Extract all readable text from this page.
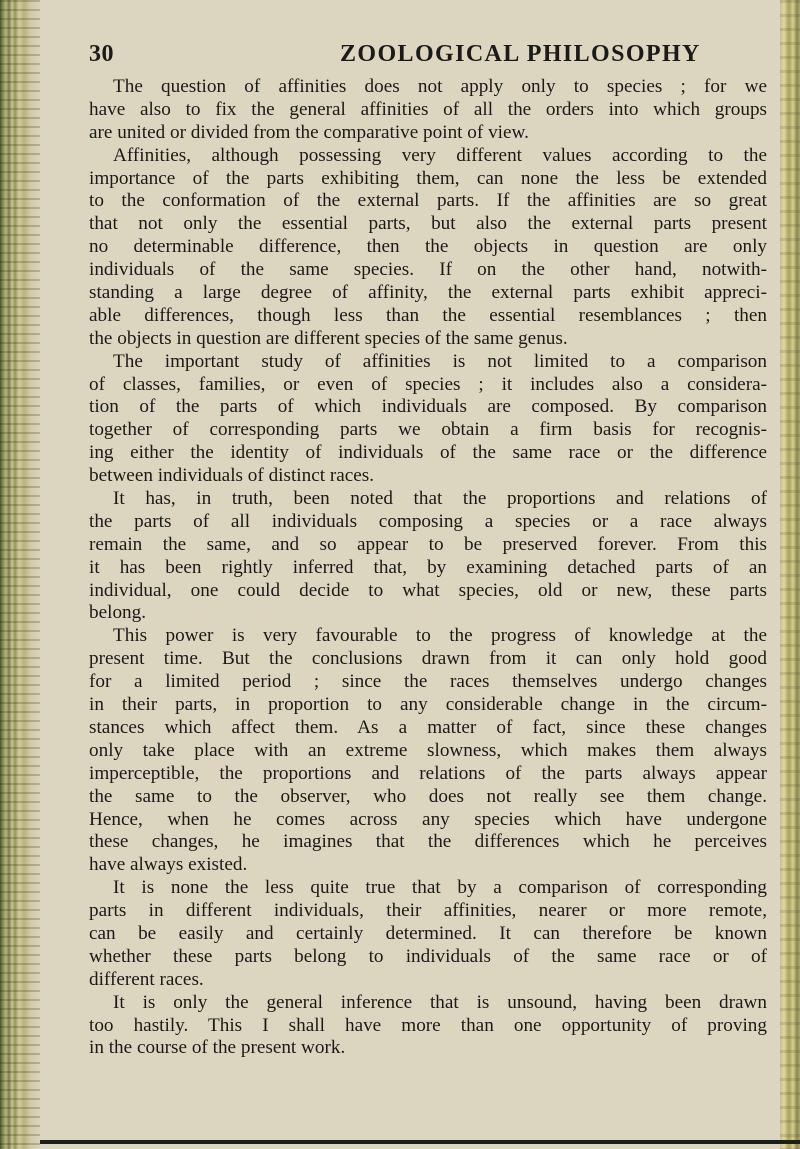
30	ZOOLOGICAL PHILOSOPHY
The question of affinities does not apply only to species ; for we
have also to fix the general affinities of all the orders into which groups
are united or divided from the comparative point of view.
Affinities, although possessing very different values according to the
importance of the parts exhibiting them, can none the less be extended
to the conformation of the external parts. If the affinities are so great
that not only the essential parts, but also the external parts present
no determinable difference, then the objects in question are only
individuals of the same species. If on the other hand, notwith-
standing a large degree of affinity, the external parts exhibit appreci-
able differences, though less than the essential resemblances ; then
the objects in question are different species of the same genus.
The important study of affinities is not limited to a comparison
of classes, families, or even of species ; it includes also a considera-
tion of the parts of which individuals are composed. By comparison
together of corresponding parts we obtain a firm basis for recognis-
ing either the identity of individuals of the same race or the difference
between individuals of distinct races.
It has, in truth, been noted that the proportions and relations of
the parts of all individuals composing a species or a race always
remain the same, and so appear to be preserved forever. From this
it has been rightly inferred that, by examining detached parts of an
individual, one could decide to what species, old or new, these parts
belong.
This power is very favourable to the progress of knowledge at the
present time. But the conclusions drawn from it can only hold good
for a limited period ; since the races themselves undergo changes
in their parts, in proportion to any considerable change in the circum-
stances which affect them. As a matter of fact, since these changes
only take place with an extreme slowness, which makes them always
imperceptible, the proportions and relations of the parts always appear
the same to the observer, who does not really see them change.
Hence, when he comes across any species which have undergone
these changes, he imagines that the differences which he perceives
have always existed.
It is none the less quite true that by a comparison of corresponding
parts in different individuals, their affinities, nearer or more remote,
can be easily and certainly determined. It can therefore be known
whether these parts belong to individuals of the same race or of
different races.
It is only the general inference that is unsound, having been drawn
too hastily. This I shall have more than one opportunity of proving
in the course of the present work.
